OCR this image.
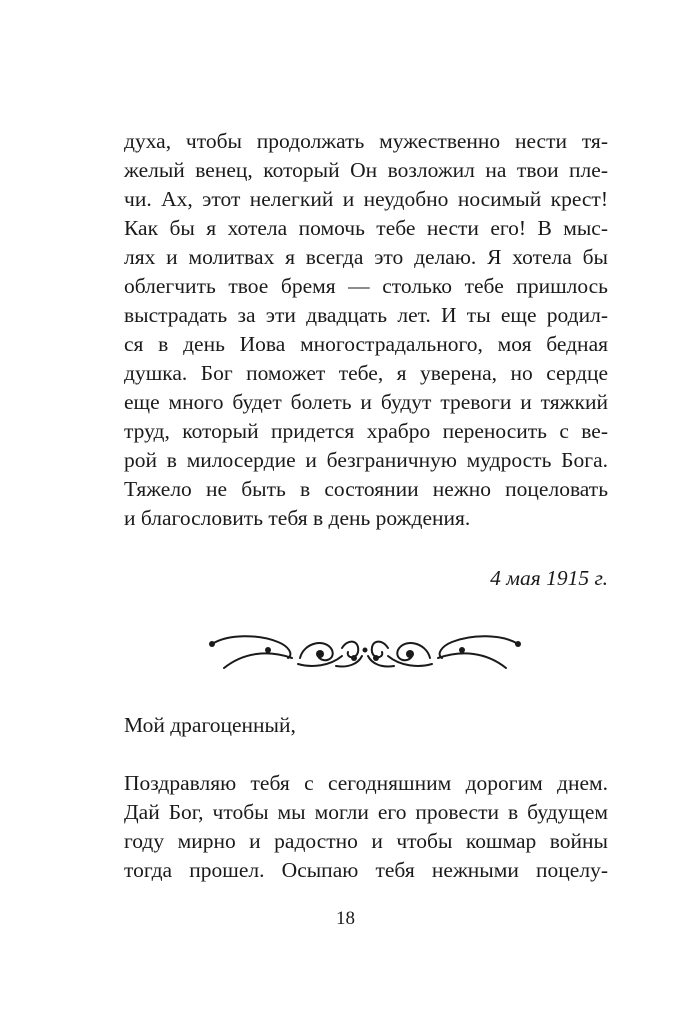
духа, чтобы продолжать мужественно нести тя-
желый венец, который Он возложил на твои пле-
чи. Ах, этот нелегкий и неудобно носимый крест!
Как бы я хотела помочь тебе нести его! В мыс-
лях и молитвах я всегда это делаю. Я хотела бы
облегчить твое бремя — столько тебе пришлось
выстрадать за эти двадцать лет. И ты еще родил-
ся в день Иова многострадального, моя бедная
душка. Бог поможет тебе, я уверена, но сердце
еще много будет болеть и будут тревоги и тяжкий
труд, который придется храбро переносить с ве-
рой в милосердие и безграничную мудрость Бога.
Тяжело не быть в состоянии нежно поцеловать
и благословить тебя в день рождения.
4 мая 1915 г.
Мой драгоценный,
Поздравляю тебя с сегодняшним дорогим днем.
Дай Бог, чтобы мы могли его провести в будущем
году мирно и радостно и чтобы кошмар войны
тогда прошел. Осыпаю тебя нежными поцелу-
18
